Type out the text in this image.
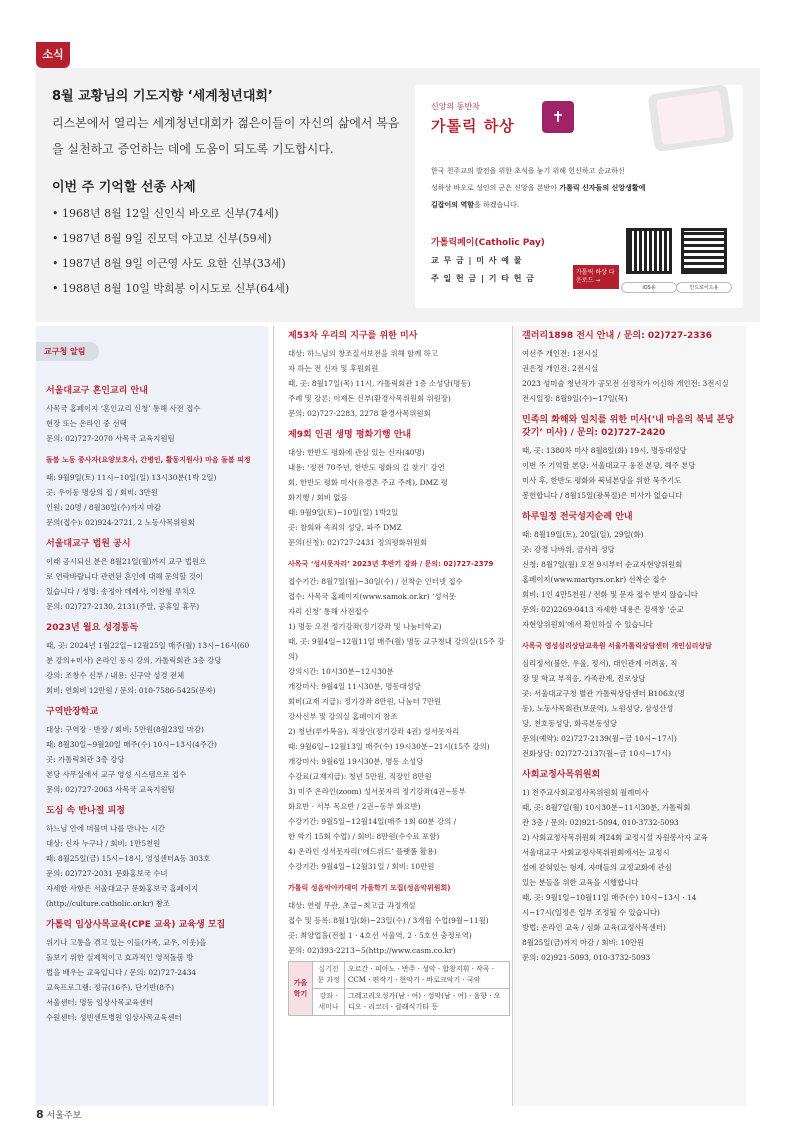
소식
8월 교황님의 기도지향 ‘세계청년대회’
리스본에서 열리는 세계청년대회가 젊은이들이 자신의 삶에서 복음을 실천하고 증언하는 데에 도움이 되도록 기도합시다.
이번 주 기억할 선종 사제
• 1968년 8월 12일 신인식 바오로 신부(74세)
• 1987년 8월 9일 진모덕 야고보 신부(59세)
• 1987년 8월 9일 이근영 사도 요한 신부(33세)
• 1988년 8월 10일 박희봉 이시도로 신부(64세)
신앙의 동반자
가톨릭 하상	✝
한국 천주교의 발전을 위한 초석을 놓기 위해 헌신하고 순교하신
성하상 바오로 성인의 군은 신앙을 본받아 가톨릭 신자들의 신앙생활에
길잡이의 역할을 하겠습니다.
가톨릭페이(Catholic Pay)
교 무 금 | 미 사 예 물
주 일 헌 금 | 기 타 헌 금
가톨릭 하상 다운로드 →
iOS용	안드로이드용
교구청 알림
서울대교구 혼인교리 안내
사목국 홈페이지 ‘혼인교리 신청’ 통해 사전 접수
현장 또는 온라인 중 선택
문의: 02)727-2070 사목국 교육지원팀
돌봄 노동 종사자(요양보호사, 간병인, 활동지원사) 마음 돌봄 피정
때: 9월9일(토) 11시~10일(일) 13시30분(1박 2일)
곳: 우이동 명상의 집 / 회비: 3만원
인원: 20명 / 8월30일(수)까지 마감
문의(접수): 02)924-2721, 2 노동사목위원회
서울대교구 법원 공시
이래 공시되신 분은 8월21일(월)까지 교구 법원으
로 연락바랍니다 관련된 혼인에 대해 문의할 것이
있습니다 / 성명: 송정아 데레사, 이찬형 루치오
문의: 02)727-2130, 2131(주말, 공휴일 휴무)
2023년 월요 성경통독
때, 곳: 2024년 1월22일~12월25일 매주(월) 13시~16시(60
분 강의+미사) 온라인 동시 강의, 가톨릭회관 3층 강당
강의: 조창수 신부 / 내용: 신구약 성경 전체
회비: 연회비 12만원 / 문의: 010-7586-5425(문자)
구역반장학교
대상: 구역장 · 반장 / 회비: 5만원(8월23일 마감)
때: 8월30일~9월20일 매주(수) 10시~13시(4주간)
곳: 가톨릭회관 3층 강당
본당 사무실에서 교구 영성 시스템으로 접수
문의: 02)727-2063 사목국 교육지원팀
도심 속 반나절 피정
하느님 안에 머물며 나를 만나는 시간
대상: 신자 누구나 / 회비: 1만5천원
때: 8월25일(금) 15시~18시, 영성센터A동 303호
문의: 02)727-2031 문화홍보국 수녀
자세한 사항은 서울대교구 문화홍보국 홈페이지
(http://culture.catholic.or.kr) 참조
가톨릭 임상사목교육(CPE 교육) 교육생 모집
위기나 고통을 겪고 있는 이들(가족, 교우, 이웃)을
돌보기 위한 실제적이고 효과적인 영적돌봄 방
법을 배우는 교육입니다 / 문의: 02)727-2434
교육프로그램: 정규(16주), 단기반(8주)
서울센터: 명동 임상사목교육센터
수원센터: 성빈센트병원 임상사목교육센터
제53차 우리의 지구를 위한 미사
대상: 하느님의 창조질서보전을 위해 함께 하고
자 하는 전 신자 및 후원회원
때, 곳: 8월17일(목) 11시, 가톨릭회관 1층 소성당(명동)
주례 및 강론: 이제돈 신부(환경사목위원회 위원장)
문의: 02)727-2283, 2278 환경사목위원회
제9회 인권 생명 평화기행 안내
대상: 한반도 평화에 관심 있는 신자(40명)
내용: ‘정전 70주년, 한반도 평화의 길 찾기’ 강연
회, 한반도 평화 미사(유경촌 주교 주례), DMZ 평
화기행 / 회비 없음
때: 9월9일(토)~10일(일) 1박2일
곳: 참회와 속죄의 성당, 파주 DMZ
문의(신청): 02)727-2431 정의평화위원회
사목국 ‘성서못자리’ 2023년 후반기 강좌 / 문의: 02)727-2379
접수기간: 8월7일(월)~30일(수) / 선착순 인터넷 접수
접수: 사목국 홈페이지(www.samok.or.kr) ‘성서못
자리 신청’ 통해 사전접수
1) 명동 오전 정기강좌(정기강좌 및 나눔터학교)
때, 곳: 9월4일~12월11일 매주(월) 명동 교구청내 강의실(15주 강의)
강의시간: 10시30분~12시30분
개강미사: 9월4일 11시30분, 명동대성당
회비(교재 지급): 정기강좌 8만원, 나눔터 7만원
강사신부 및 강의실 홈페이지 참조
2) 청년(루카복음), 직장인(정기강좌 4권) 성서못자리
때: 9월6일~12월13일 매주(수) 19시30분~21시(15주 강의)
개강미사: 9월6일 19시30분, 명동 소성당
수강료(교재지급): 청년 5만원, 직장인 8만원
3) 미주 온라인(zoom) 성서못자리 정기강좌(4권~동부
화요반 · 서부 목요반 / 2권~동부 화요반)
수강기간: 9월5일~12월14일(매주 1회 60분 강의 /
한 학기 15회 수업) / 회비: 8만원(수수료 포함)
4) 온라인 성서못자리(‘에드위드’ 플랫폼 활용)
수강기간: 9월4일~12월31일 / 회비: 10만원
가톨릭 성음악아카데미 가을학기 모집(성음악위원회)
대상: 연령 무관, 초급~최고급 과정개설
접수 및 등록: 8월1일(화)~23일(수) / 3개월 수업(9월~11월)
곳: 최양업홀(전철 1 · 4호선 서울역, 2 · 5호선 충정로역)
문의: 02)393-2213~5(http://www.casm.co.kr)
가을 학기	실기전문 과정	오르간 · 피아노 · 반주 · 성악 · 합창지휘 · 작곡 · CCM · 편작기 · 현악기 · 바로크악기 · 국악
	강좌 · 세미나	그레고리오성가(남 · 여) · 성악(남 · 여) · 음향 · 오디오 · 리코더 · 클래식기타 등
갤러리1898 전시 안내 / 문의: 02)727-2336
여선주 개인전: 1전시실
권은정 개인전: 2전시실
2023 성미술 청년작가 공모전 선정작가 이신하 개인전: 3전시실
전시일정: 8월9일(수)~17일(목)
민족의 화해와 일치를 위한 미사(‘내 마음의 북녘 본당 갖기’ 미사) / 문의: 02)727-2420
때, 곳: 1380차 미사 8월8일(화) 19시, 명동대성당
이번 주 기억할 본당: 서울대교구 웅진 본당, 해주 본당
미사 후, 한반도 평화와 북녘본당을 위한 묵주기도
봉헌합니다 / 8월15일(광복절)은 미사가 없습니다
하루일정 전국성지순례 안내
때: 8월19일(토), 20일(일), 29일(화)
곳: 강경 나바위, 금사리 성당
신청: 8월7일(월) 오전 9시부터 순교자현양위원회
홈페이지(www.martyrs.or.kr) 선착순 접수
회비: 1인 4만5천원 / 전화 및 문자 접수 받지 않습니다
문의: 02)2269-0413 자세한 내용은 검색창 ‘순교
자현양위원회’에서 확인하실 수 있습니다
사목국 영성심리상담교육원 서울가톨릭상담센터 개인심리상담
심리정서(불안, 우울, 정서), 대인관계 어려움, 직
장 및 학교 부적응, 가족관계, 진로상담
곳: 서울대교구청 별관 가톨릭상담센터 B106호(명
동), 노동사목회관(보문역), 노원성당, 삼성산성
당, 천호동성당, 화곡본동성당
문의(예약): 02)727-2139(월~금 10시~17시)
전화상담: 02)727-2137(월~금 10시~17시)
사회교정사목위원회
1) 천주교사회교정사목위원회 월례미사
때, 곳: 8월7일(월) 10시30분~11시30분, 가톨릭회
관 3층 / 문의: 02)921-5094, 010-3732-5093
2) 사회교정사목위원회 제24회 교정시설 자원봉사자 교육
서울대교구 사회교정사목위원회에서는 교정시
설에 갇혀있는 형제, 자매들의 교정교화에 관심
있는 분들을 위한 교육을 시행합니다
때, 곳: 9월1일~10월11일 매주(수) 10시~13시 · 14
시~17시(일정은 일부 조정될 수 있습니다)
방법: 온라인 교육 / 심화 교육(교정사목센터)
8월25일(금)까지 마감 / 회비: 10만원
문의: 02)921-5093, 010-3732-5093
8 서울주보
